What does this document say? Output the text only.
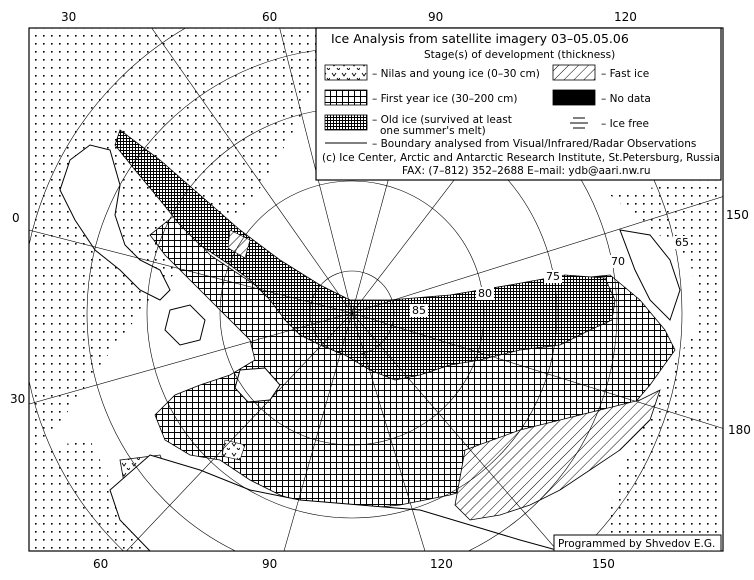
30	60	90	120
150
180
0
30
60	90	120	150
85
80
75
70
65
Ice Analysis from satellite imagery 03–05.05.06
Stage(s) of development (thickness)
– Nilas and young ice (0–30 cm)	– Fast ice
– First year ice (30–200 cm)	– No data
– Old ice (survived at least
one summer's melt)
– Ice free
– Boundary analysed from Visual/Infrared/Radar Observations
(c) Ice Center, Arctic and Antarctic Research Institute, St.Petersburg, Russia
FAX: (7–812) 352–2688 E–mail: ydb@aari.nw.ru
Programmed by Shvedov E.G.
